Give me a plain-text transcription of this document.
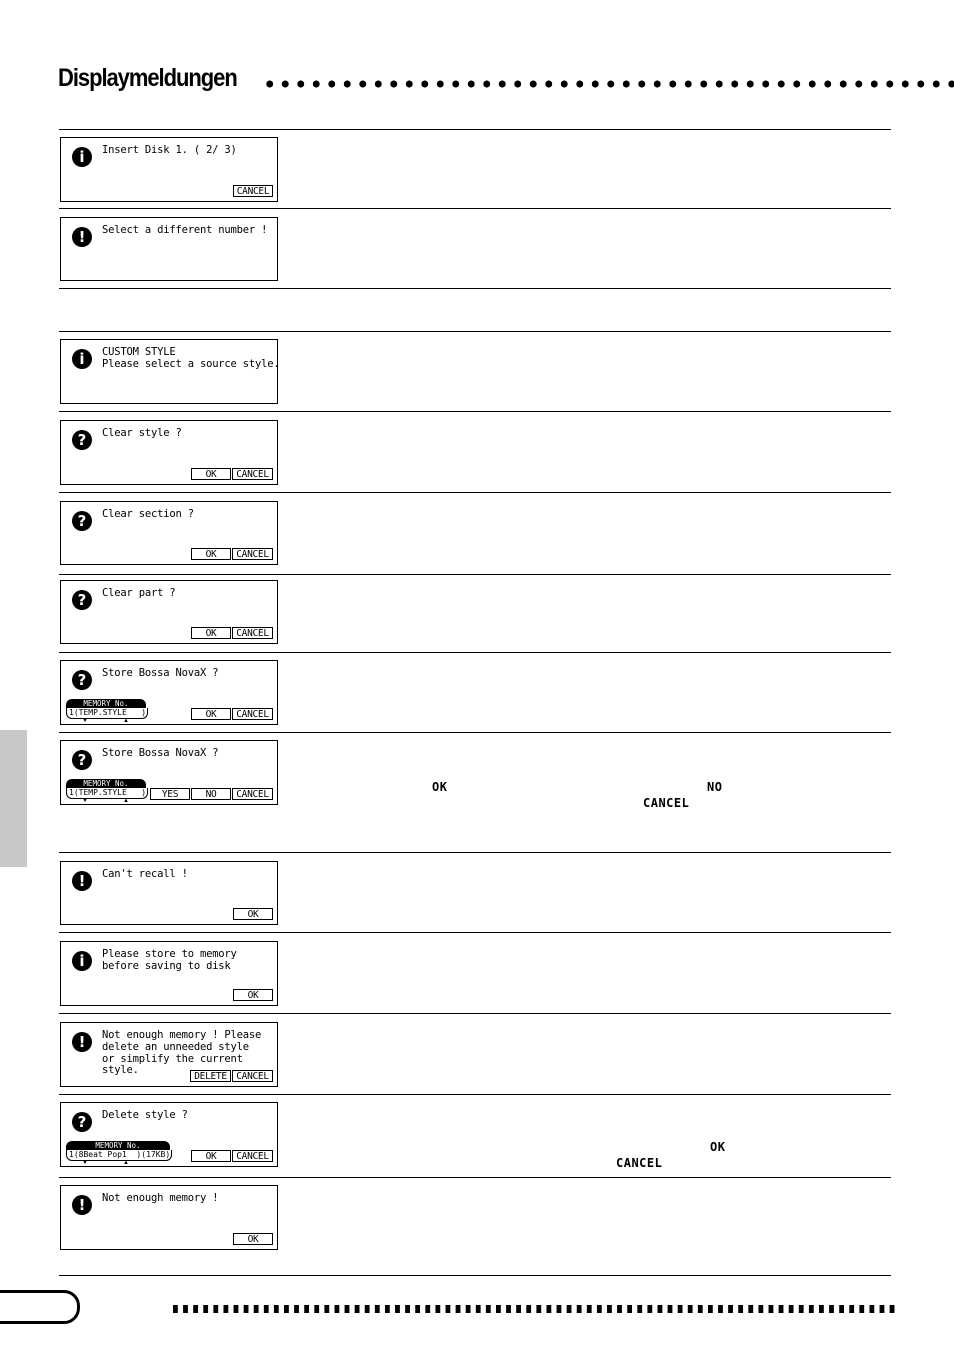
Displaymeldungen
i	Insert Disk 1. ( 2/ 3)
CANCEL
!	Select a different number !
i	CUSTOM STYLE
Please select a source style.
?	Clear style ?
OK	CANCEL
?	Clear section ?
OK	CANCEL
?	Clear part ?
OK	CANCEL
?	Store Bossa NovaX ?
MEMORY No.
1(TEMP.STYLE   )
▼	▲
OK	CANCEL
?	Store Bossa NovaX ?
MEMORY No.
1(TEMP.STYLE   )
▼	▲
YES	NO	CANCEL
OK	NO
CANCEL
!	Can't recall !
OK
i	Please store to memory
before saving to disk
OK
!	Not enough memory ! Please
delete an unneeded style
or simplify the current
style.
DELETE CANCEL
?	Delete style ?
MEMORY No.
1(8Beat Pop1  )(17KB)
▼	▲
OK	CANCEL
OK
CANCEL
!	Not enough memory !
OK
